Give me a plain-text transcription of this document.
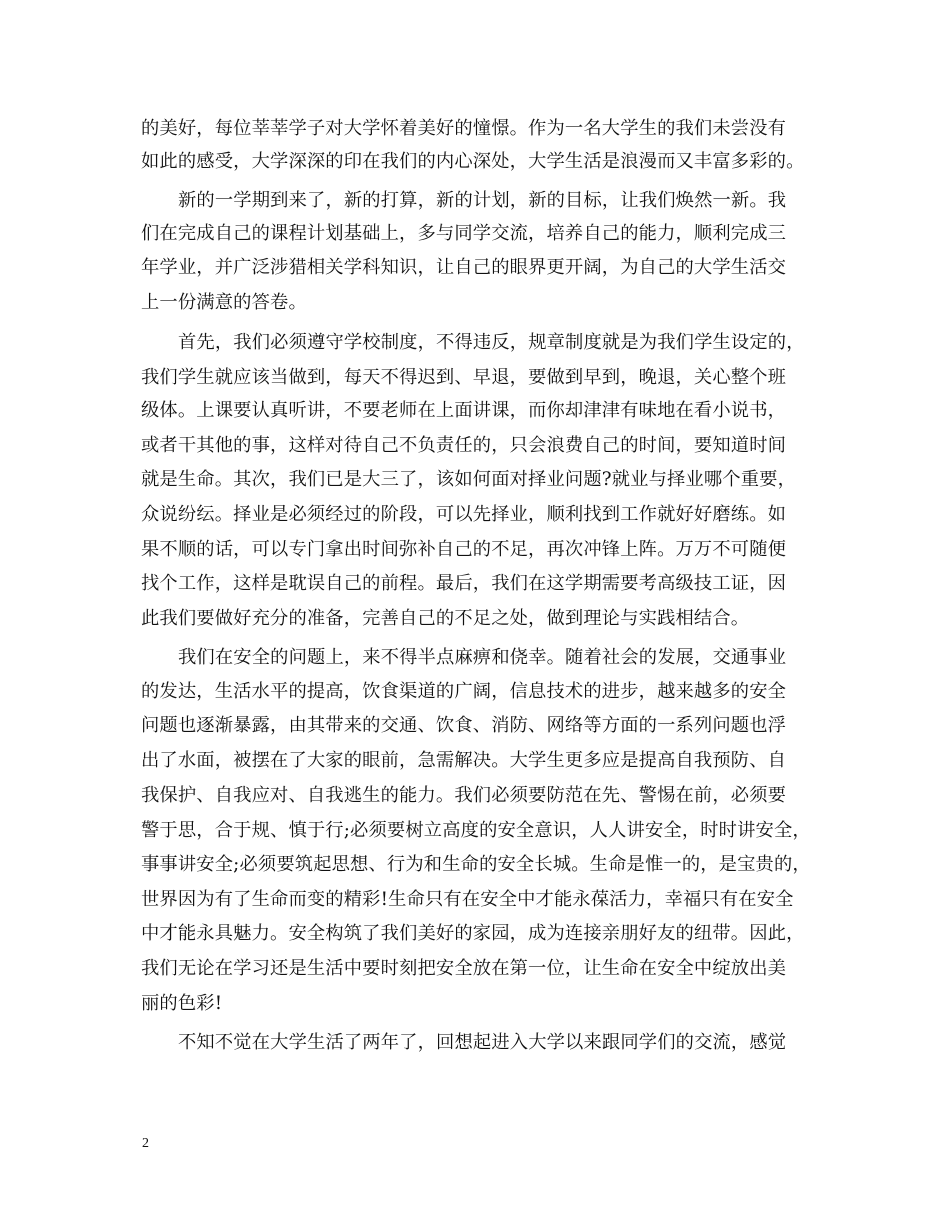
的美好，每位莘莘学子对大学怀着美好的憧憬。作为一名大学生的我们未尝没有
如此的感受，大学深深的印在我们的内心深处，大学生活是浪漫而又丰富多彩的。
新的一学期到来了，新的打算，新的计划，新的目标，让我们焕然一新。我
们在完成自己的课程计划基础上，多与同学交流，培养自己的能力，顺利完成三
年学业，并广泛涉猎相关学科知识，让自己的眼界更开阔，为自己的大学生活交
上一份满意的答卷。
首先，我们必须遵守学校制度，不得违反，规章制度就是为我们学生设定的，
我们学生就应该当做到，每天不得迟到、早退，要做到早到，晚退，关心整个班
级体。上课要认真听讲，不要老师在上面讲课，而你却津津有味地在看小说书，
或者干其他的事，这样对待自己不负责任的，只会浪费自己的时间，要知道时间
就是生命。其次，我们已是大三了，该如何面对择业问题?就业与择业哪个重要，
众说纷纭。择业是必须经过的阶段，可以先择业，顺利找到工作就好好磨练。如
果不顺的话，可以专门拿出时间弥补自己的不足，再次冲锋上阵。万万不可随便
找个工作，这样是耽误自己的前程。最后，我们在这学期需要考高级技工证，因
此我们要做好充分的准备，完善自己的不足之处，做到理论与实践相结合。
我们在安全的问题上，来不得半点麻痹和侥幸。随着社会的发展，交通事业
的发达，生活水平的提高，饮食渠道的广阔，信息技术的进步，越来越多的安全
问题也逐渐暴露，由其带来的交通、饮食、消防、网络等方面的一系列问题也浮
出了水面，被摆在了大家的眼前，急需解决。大学生更多应是提高自我预防、自
我保护、自我应对、自我逃生的能力。我们必须要防范在先、警惕在前，必须要
警于思，合于规、慎于行;必须要树立高度的安全意识，人人讲安全，时时讲安全，
事事讲安全;必须要筑起思想、行为和生命的安全长城。生命是惟一的，是宝贵的，
世界因为有了生命而变的精彩!生命只有在安全中才能永葆活力，幸福只有在安全
中才能永具魅力。安全构筑了我们美好的家园，成为连接亲朋好友的纽带。因此，
我们无论在学习还是生活中要时刻把安全放在第一位，让生命在安全中绽放出美
丽的色彩!
不知不觉在大学生活了两年了，回想起进入大学以来跟同学们的交流，感觉
2
